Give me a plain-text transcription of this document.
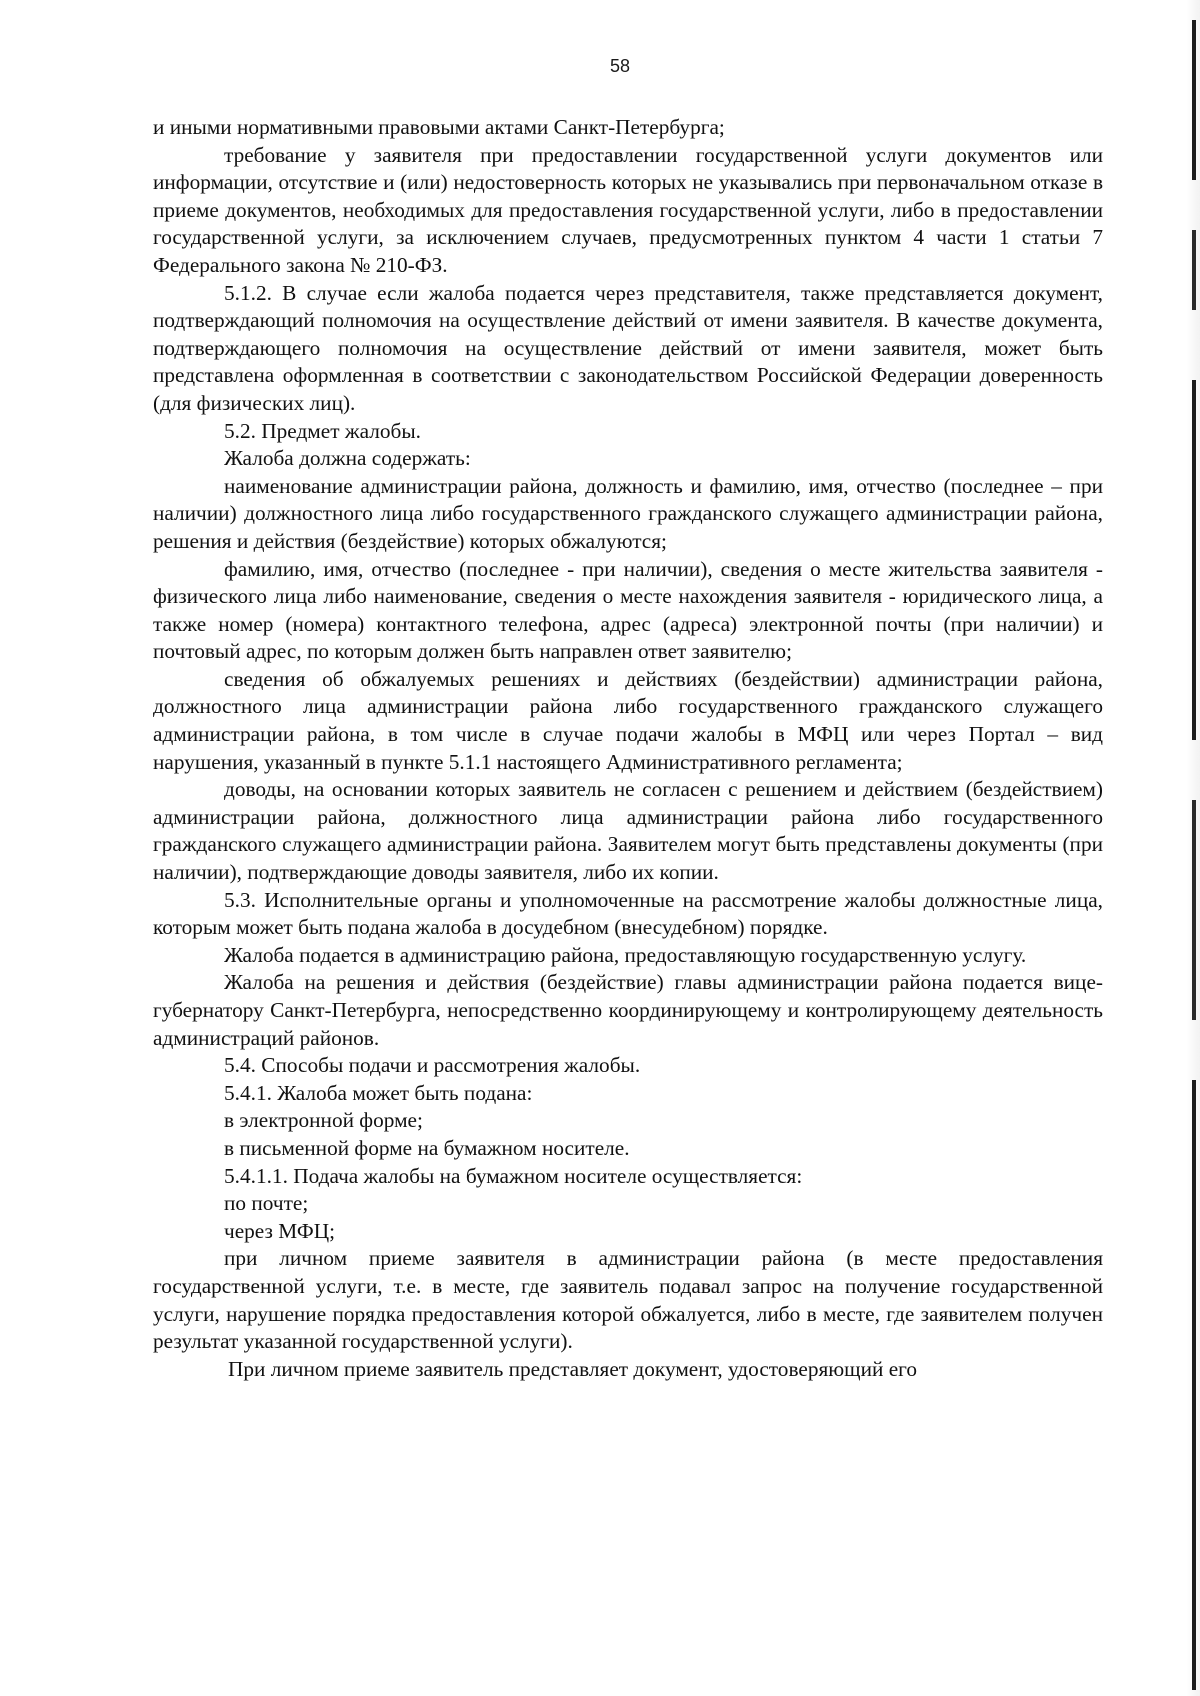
58

и иными нормативными правовыми актами Санкт-Петербурга;

требование у заявителя при предоставлении государственной услуги документов или информации, отсутствие и (или) недостоверность которых не указывались при первоначальном отказе в приеме документов, необходимых для предоставления государственной услуги, либо в предоставлении государственной услуги, за исключением случаев, предусмотренных пунктом 4 части 1 статьи 7 Федерального закона № 210-ФЗ.

5.1.2. В случае если жалоба подается через представителя, также представляется документ, подтверждающий полномочия на осуществление действий от имени заявителя. В качестве документа, подтверждающего полномочия на осуществление действий от имени заявителя, может быть представлена оформленная в соответствии с законодательством Российской Федерации доверенность (для физических лиц).

5.2. Предмет жалобы.

Жалоба должна содержать:

наименование администрации района, должность и фамилию, имя, отчество (последнее – при наличии) должностного лица либо государственного гражданского служащего администрации района, решения и действия (бездействие) которых обжалуются;

фамилию, имя, отчество (последнее - при наличии), сведения о месте жительства заявителя - физического лица либо наименование, сведения о месте нахождения заявителя - юридического лица, а также номер (номера) контактного телефона, адрес (адреса) электронной почты (при наличии) и почтовый адрес, по которым должен быть направлен ответ заявителю;

сведения об обжалуемых решениях и действиях (бездействии) администрации района, должностного лица администрации района либо государственного гражданского служащего администрации района, в том числе в случае подачи жалобы в МФЦ или через Портал – вид нарушения, указанный в пункте 5.1.1 настоящего Административного регламента;

доводы, на основании которых заявитель не согласен с решением и действием (бездействием) администрации района, должностного лица администрации района либо государственного гражданского служащего администрации района. Заявителем могут быть представлены документы (при наличии), подтверждающие доводы заявителя, либо их копии.

5.3. Исполнительные органы и уполномоченные на рассмотрение жалобы должностные лица, которым может быть подана жалоба в досудебном (внесудебном) порядке.

Жалоба подается в администрацию района, предоставляющую государственную услугу.

Жалоба на решения и действия (бездействие) главы администрации района подается вице-губернатору Санкт-Петербурга, непосредственно координирующему и контролирующему деятельность администраций районов.

5.4. Способы подачи и рассмотрения жалобы.

5.4.1. Жалоба может быть подана:

в электронной форме;

в письменной форме на бумажном носителе.

5.4.1.1. Подача жалобы на бумажном носителе осуществляется:

по почте;

через МФЦ;

при личном приеме заявителя в администрации района (в месте предоставления государственной услуги, т.е. в месте, где заявитель подавал запрос на получение государственной услуги, нарушение порядка предоставления которой обжалуется, либо в месте, где заявителем получен результат указанной государственной услуги).

При личном приеме заявитель представляет документ, удостоверяющий его
